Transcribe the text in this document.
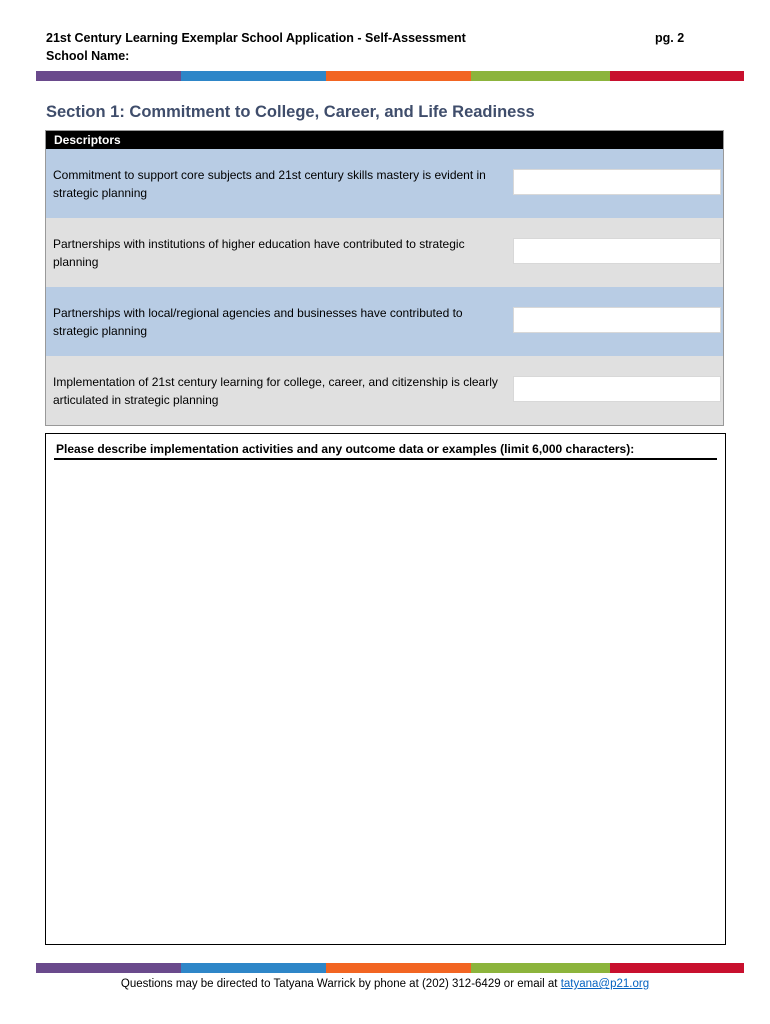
21st Century Learning Exemplar School Application - Self-Assessment
School Name:
pg. 2
Section 1: Commitment to College, Career, and Life Readiness
Descriptors
Commitment to support core subjects and 21st century skills mastery is evident in strategic planning
Partnerships with institutions of higher education have contributed to strategic planning
Partnerships with local/regional agencies and businesses have contributed to strategic planning
Implementation of 21st century learning for college, career, and citizenship is clearly articulated in strategic planning
Please describe implementation activities and any outcome data or examples (limit 6,000 characters):
Questions may be directed to Tatyana Warrick by phone at (202) 312-6429 or email at tatyana@p21.org
